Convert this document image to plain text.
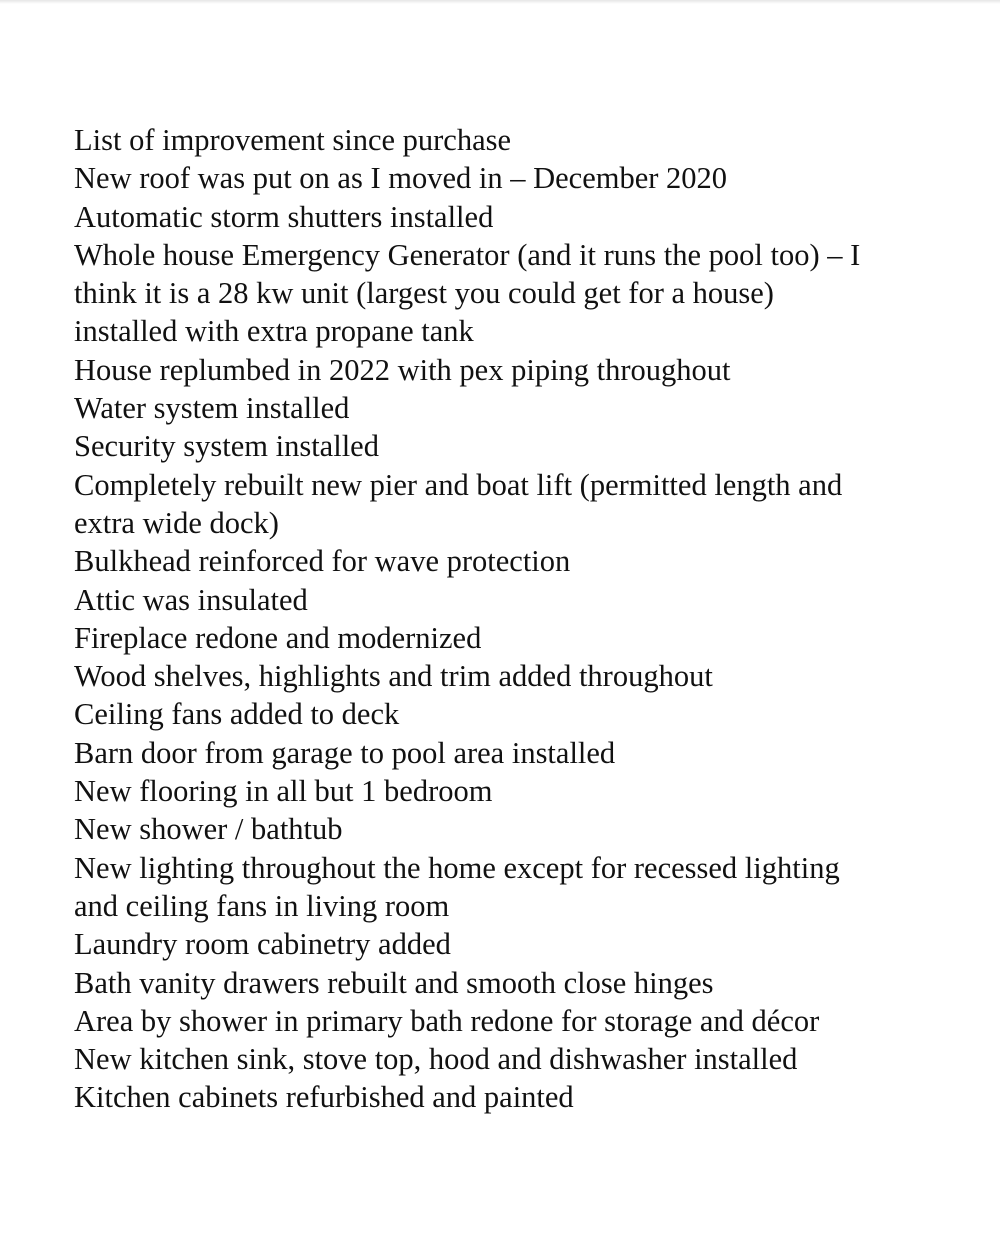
List of improvement since purchase

New roof was put on as I moved in – December 2020

Automatic storm shutters installed

Whole house Emergency Generator (and it runs the pool too) – I

think it is a 28 kw unit (largest you could get for a house)

installed with extra propane tank

House replumbed in 2022 with pex piping throughout

Water system installed

Security system installed

Completely rebuilt new pier and boat lift (permitted length and

extra wide dock)

Bulkhead reinforced for wave protection

Attic was insulated

Fireplace redone and modernized

Wood shelves, highlights and trim added throughout

Ceiling fans added to deck

Barn door from garage to pool area installed

New flooring in all but 1 bedroom

New shower / bathtub

New lighting throughout the home except for recessed lighting

and ceiling fans in living room

Laundry room cabinetry added

Bath vanity drawers rebuilt and smooth close hinges

Area by shower in primary bath redone for storage and décor

New kitchen sink, stove top, hood and dishwasher installed

Kitchen cabinets refurbished and painted
